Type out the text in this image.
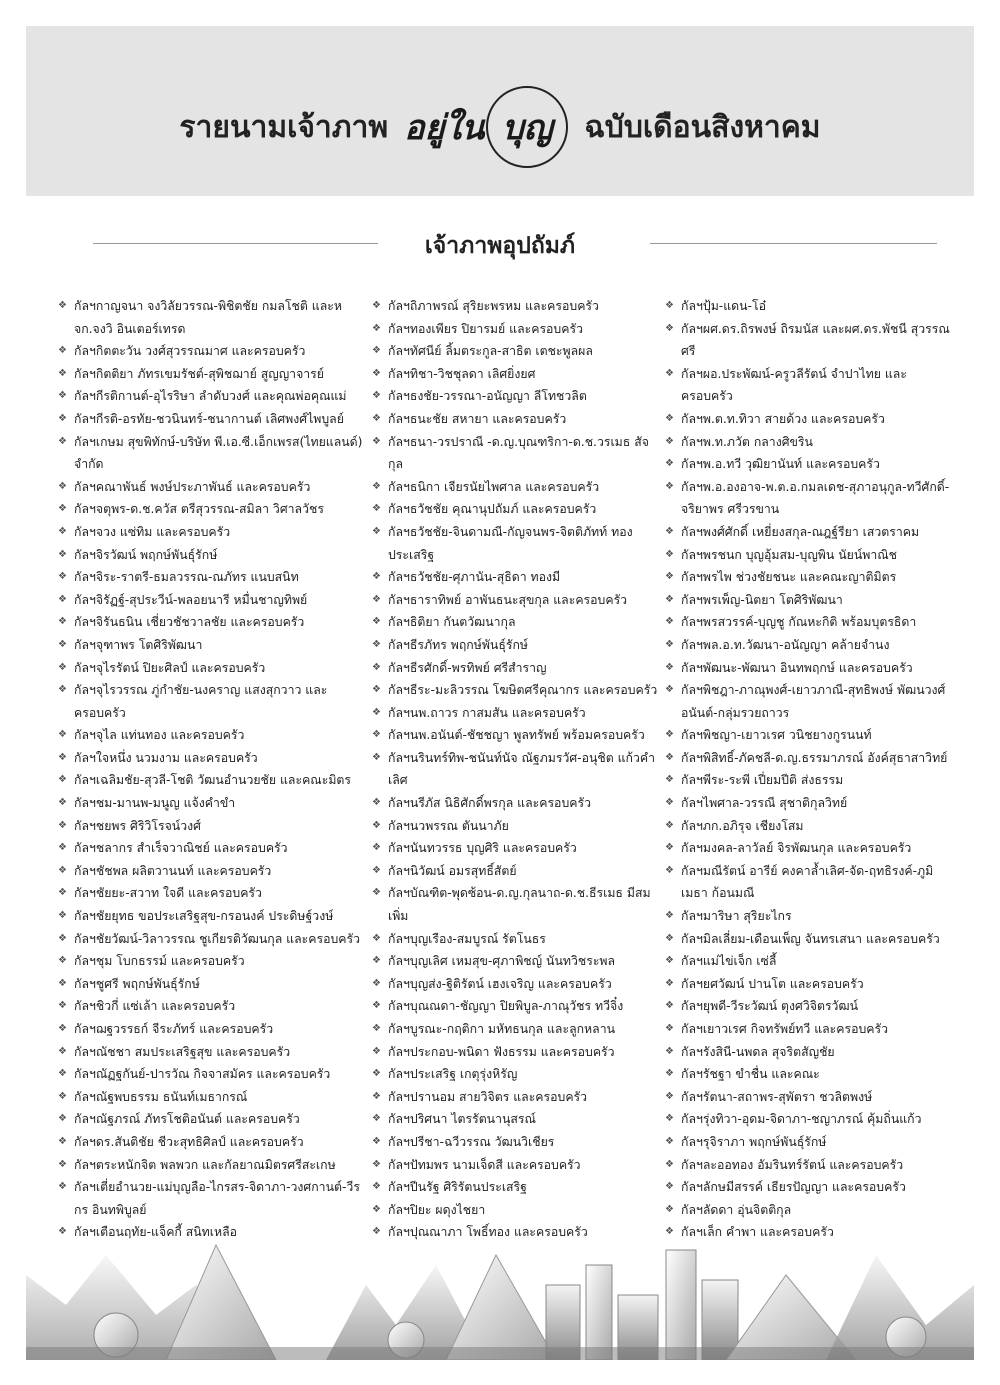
รายนามเจ้าภาพ อยู่ใน บุญ ฉบับเดือนสิงหาคม
เจ้าภาพอุปถัมภ์
❖ กัลฯกาญจนา จงวิลัยวรรณ-พิชิตชัย กมลโชติ และหจก.จงวิ อินเตอร์เทรด
❖ กัลฯกิตตะวัน วงศ์สุวรรณมาศ และครอบครัว
❖ กัลฯกิตติยา ภัทรเขมรัชต์-สุพิชฌาย์ สูญญาจารย์
❖ กัลฯกีรติกานต์-อุไรริษา ลำดับวงศ์ และคุณพ่อคุณแม่
❖ กัลฯกีรติ-อรทัย-ชวนินทร์-ชนากานต์ เลิศพงศ์ไพบูลย์
❖ กัลฯเกษม สุขพิทักษ์-บริษัท พี.เอ.ซี.เอ็กเพรส(ไทยแลนด์) จำกัด
❖ กัลฯคณาพันธ์ พงษ์ประภาพันธ์ และครอบครัว
❖ กัลฯจตุพร-ด.ช.ควัส ตรีสุวรรณ-สมิลา วิศาลวัชร
❖ กัลฯจวง แซ่ทิม และครอบครัว
❖ กัลฯจิรวัฒน์ พฤกษ์พันธุ์รักษ์
❖ กัลฯจิระ-ราตรี-ธมลวรรณ-ณภัทร แนบสนิท
❖ กัลฯจิรัฏฐ์-สุประวีน์-พลอยนารี หมื่นชาญทิพย์
❖ กัลฯจิรันธนิน เชี่ยวชัชวาลชัย และครอบครัว
❖ กัลฯจุฑาพร โตศิริพัฒนา
❖ กัลฯจุไรรัตน์ ปิยะศิลป์ และครอบครัว
❖ กัลฯจุไรวรรณ ภู่กำชัย-นงคราญ แสงสุกวาว และครอบครัว
❖ กัลฯจุไล แท่นทอง และครอบครัว
❖ กัลฯใจหนึ่ง นวมงาม และครอบครัว
❖ กัลฯเฉลิมชัย-สุวลี-โชติ วัฒนอำนวยชัย และคณะมิตร
❖ กัลฯชม-มานพ-มนูญ แจ้งคำขำ
❖ กัลฯชยพร ศิริวิโรจน์วงศ์
❖ กัลฯชลากร สำเร็จวาณิชย์ และครอบครัว
❖ กัลฯชัชพล ผลิตวานนท์ และครอบครัว
❖ กัลฯชัยยะ-สวาท ใจดี และครอบครัว
❖ กัลฯชัยยุทธ ขอประเสริฐสุข-กรอนงค์ ประดิษฐ์วงษ์
❖ กัลฯชัยวัฒน์-วิลาวรรณ ชูเกียรติวัฒนกุล และครอบครัว
❖ กัลฯชุม โบกธรรม์ และครอบครัว
❖ กัลฯชูศรี พฤกษ์พันธุ์รักษ์
❖ กัลฯชิวกี่ แซ่เล้า และครอบครัว
❖ กัลฯฌฐวรรธก์ จีระภัทร์ และครอบครัว
❖ กัลฯณัชชา สมประเสริฐสุข และครอบครัว
❖ กัลฯณัฏฐกันย์-ปารวัณ กิจจาสมัคร และครอบครัว
❖ กัลฯณัฐพบธรรม ธนันท์เมธากรณ์
❖ กัลฯณัฐภรณ์ ภัทรโชติอนันต์ และครอบครัว
❖ กัลฯดร.สันติชัย ชีวะสุทธิศิลป์ และครอบครัว
❖ กัลฯตระหนักจิต พลพวก และกัลยาณมิตรศรีสะเกษ
❖ กัลฯเตี่ยอำนวย-แม่บุญลือ-ไกรสร-จิดาภา-วงศกานต์-วีรกร อินทพิบูลย์
❖ กัลฯเตือนฤทัย-แจ็คกี้ สนิทเหลือ
❖ กัลฯถิภาพรณ์ สุริยะพรหม และครอบครัว
❖ กัลฯทองเพียร ปิยารมย์ และครอบครัว
❖ กัลฯทัศนีย์ ลิ้มตระกูล-สาธิต เตชะพูลผล
❖ กัลฯทิชา-วิชชุลดา เลิศยิ่งยศ
❖ กัลฯธงชัย-วรรณา-อนัญญา ลีโทชวลิต
❖ กัลฯธนะชัย สหายา และครอบครัว
❖ กัลฯธนา-วรปราณี -ด.ญ.บุณฑริกา-ด.ช.วรเมธ สัจกุล
❖ กัลฯธนิกา เจียรนัยไพศาล และครอบครัว
❖ กัลฯธวัชชัย คุณานุปถัมภ์ และครอบครัว
❖ กัลฯธวัชชัย-จินดามณี-กัญจนพร-จิตติภัทท์ ทองประเสริฐ
❖ กัลฯธวัชชัย-ศุภานัน-สุธิดา ทองมี
❖ กัลฯธาราทิพย์ อาพันธนะสุขกุล และครอบครัว
❖ กัลฯธิติยา กันตวัฒนากุล
❖ กัลฯธีรภัทร พฤกษ์พันธุ์รักษ์
❖ กัลฯธีรศักดิ์-พรทิพย์ ศรีสำราญ
❖ กัลฯธีระ-มะลิวรรณ โฆษิตศรีคุณากร และครอบครัว
❖ กัลฯนพ.ถาวร กาสมสัน และครอบครัว
❖ กัลฯนพ.อนันต์-ชัชชญา พูลทรัพย์ พร้อมครอบครัว
❖ กัลฯนรินทร์ทิพ-ชนันท์นัจ ณัฐภมรวัศ-อนุชิต แก้วคำเลิศ
❖ กัลฯนรีภัส นิธิศักดิ์พรกุล และครอบครัว
❖ กัลฯนวพรรณ ตันนาภัย
❖ กัลฯนันทวรรธ บุญศิริ และครอบครัว
❖ กัลฯนิวัฒน์ อมรสุทธิ์สัตย์
❖ กัลฯบัณฑิต-พุดซ้อน-ด.ญ.กุลนาถ-ด.ช.ธีรเมธ มีสมเพิ่ม
❖ กัลฯบุญเรือง-สมบูรณ์ รัตโนธร
❖ กัลฯบุญเลิศ เหมสุข-ศุภาพิชญ์ นันทวิชระพล
❖ กัลฯบุญส่ง-ฐิติรัตน์ เฮงเจริญ และครอบครัว
❖ กัลฯบุณณดา-ชัญญา ปิยพิบูล-ภาณุวัชร ทวีจิ๋ง
❖ กัลฯบูรณะ-กฤติกา มหัทธนกุล และลูกหลาน
❖ กัลฯประกอบ-พนิดา ฟังธรรม และครอบครัว
❖ กัลฯประเสริฐ เกตุรุ่งหิรัญ
❖ กัลฯปรานอม สายวิจิตร และครอบครัว
❖ กัลฯปริศนา ไตรรัตนานุสรณ์
❖ กัลฯปรีชา-ฉวีวรรณ วัฒนวิเชียร
❖ กัลฯปัทมพร นามเจ็ดสี และครอบครัว
❖ กัลฯปีนรัฐ ศิริรัตนประเสริฐ
❖ กัลฯปิยะ ผดุงไชยา
❖ กัลฯปุณณาภา โพธิ์ทอง และครอบครัว
❖ กัลฯปุ้ม-แดน-โอ๋
❖ กัลฯผศ.ดร.ถิรพงษ์ ถิรมนัส และผศ.ดร.พัชนี สุวรรณศรี
❖ กัลฯผอ.ประพัฒน์-ครูวลีรัตน์ จำปาไทย และครอบครัว
❖ กัลฯพ.ต.ท.ทิวา สายด้วง และครอบครัว
❖ กัลฯพ.ท.ภวัต กลางศิขริน
❖ กัลฯพ.อ.ทวี วุฒิยานันท์ และครอบครัว
❖ กัลฯพ.อ.องอาจ-พ.ต.อ.กมลเดช-สุภาอนุกูล-ทวีศักดิ์-จริยาพร ศรีวรขาน
❖ กัลฯพงศ์ศักดิ์ เหยี่ยงสกุล-ณฎฐ์รียา เสวตราคม
❖ กัลฯพรชนก บุญอุ้มสม-บุญพิน นัยน์พาณิช
❖ กัลฯพรไพ ช่วงชัยชนะ และคณะญาติมิตร
❖ กัลฯพรเพ็ญ-นิตยา โตศิริพัฒนา
❖ กัลฯพรสวรรค์-บุญชู กัณหะกิติ พร้อมบุตรธิดา
❖ กัลฯพล.อ.ท.วัฒนา-อนัญญา คล้ายจำนง
❖ กัลฯพัฒนะ-พัฒนา อินทพฤกษ์ และครอบครัว
❖ กัลฯพิชฎา-ภาณุพงศ์-เยาวภาณี-สุทธิพงษ์ พัฒนวงศ์ อนันต์-กลุ่มรวยถาวร
❖ กัลฯพิชญา-เยาวเรศ วนิชยางกูรนนท์
❖ กัลฯพิสิทธิ์-ภัคชลี-ด.ญ.ธรรมาภรณ์ อังค์สุธาสาวิทย์
❖ กัลฯพีระ-ระพี เปี่ยมปีติ ส่งธรรม
❖ กัลฯไพศาล-วรรณี สุชาติกุลวิทย์
❖ กัลฯภก.อภิรุจ เชียงโสม
❖ กัลฯมงคล-ลาวัลย์ จิรพัฒนกุล และครอบครัว
❖ กัลฯมณีรัตน์ อารีย์ คงคาล้ำเลิศ-จัด-ฤทธิรงค์-ภูมิเมธา ก้อนมณี
❖ กัลฯมาริษา สุริยะไกร
❖ กัลฯมิลเลี่ยม-เดือนเพ็ญ จันทรเสนา และครอบครัว
❖ กัลฯแม่ไข่เจ็ก เซ่ลี้
❖ กัลฯยศวัฒน์ ปานโต และครอบครัว
❖ กัลฯยุพดี-วีระวัฒน์ ตุงศวิจิตรวัฒน์
❖ กัลฯเยาวเรศ กิจทรัพย์ทวี และครอบครัว
❖ กัลฯรังสินี-นพดล สุจริตสัญชัย
❖ กัลฯรัชฐา ขำชื่น และคณะ
❖ กัลฯรัตนา-สถาพร-สุพัตรา ชวลิตพงษ์
❖ กัลฯรุ่งทิวา-อุดม-จิดาภา-ชญาภรณ์ คุ้มถิ่นแก้ว
❖ กัลฯรุจิราภา พฤกษ์พันธุ์รักษ์
❖ กัลฯละออทอง อัมรินทร์รัตน์ และครอบครัว
❖ กัลฯลักษมีสรรค์ เธียรปัญญา และครอบครัว
❖ กัลฯลัดดา อุ่นจิตติกุล
❖ กัลฯเล็ก คำพา และครอบครัว
